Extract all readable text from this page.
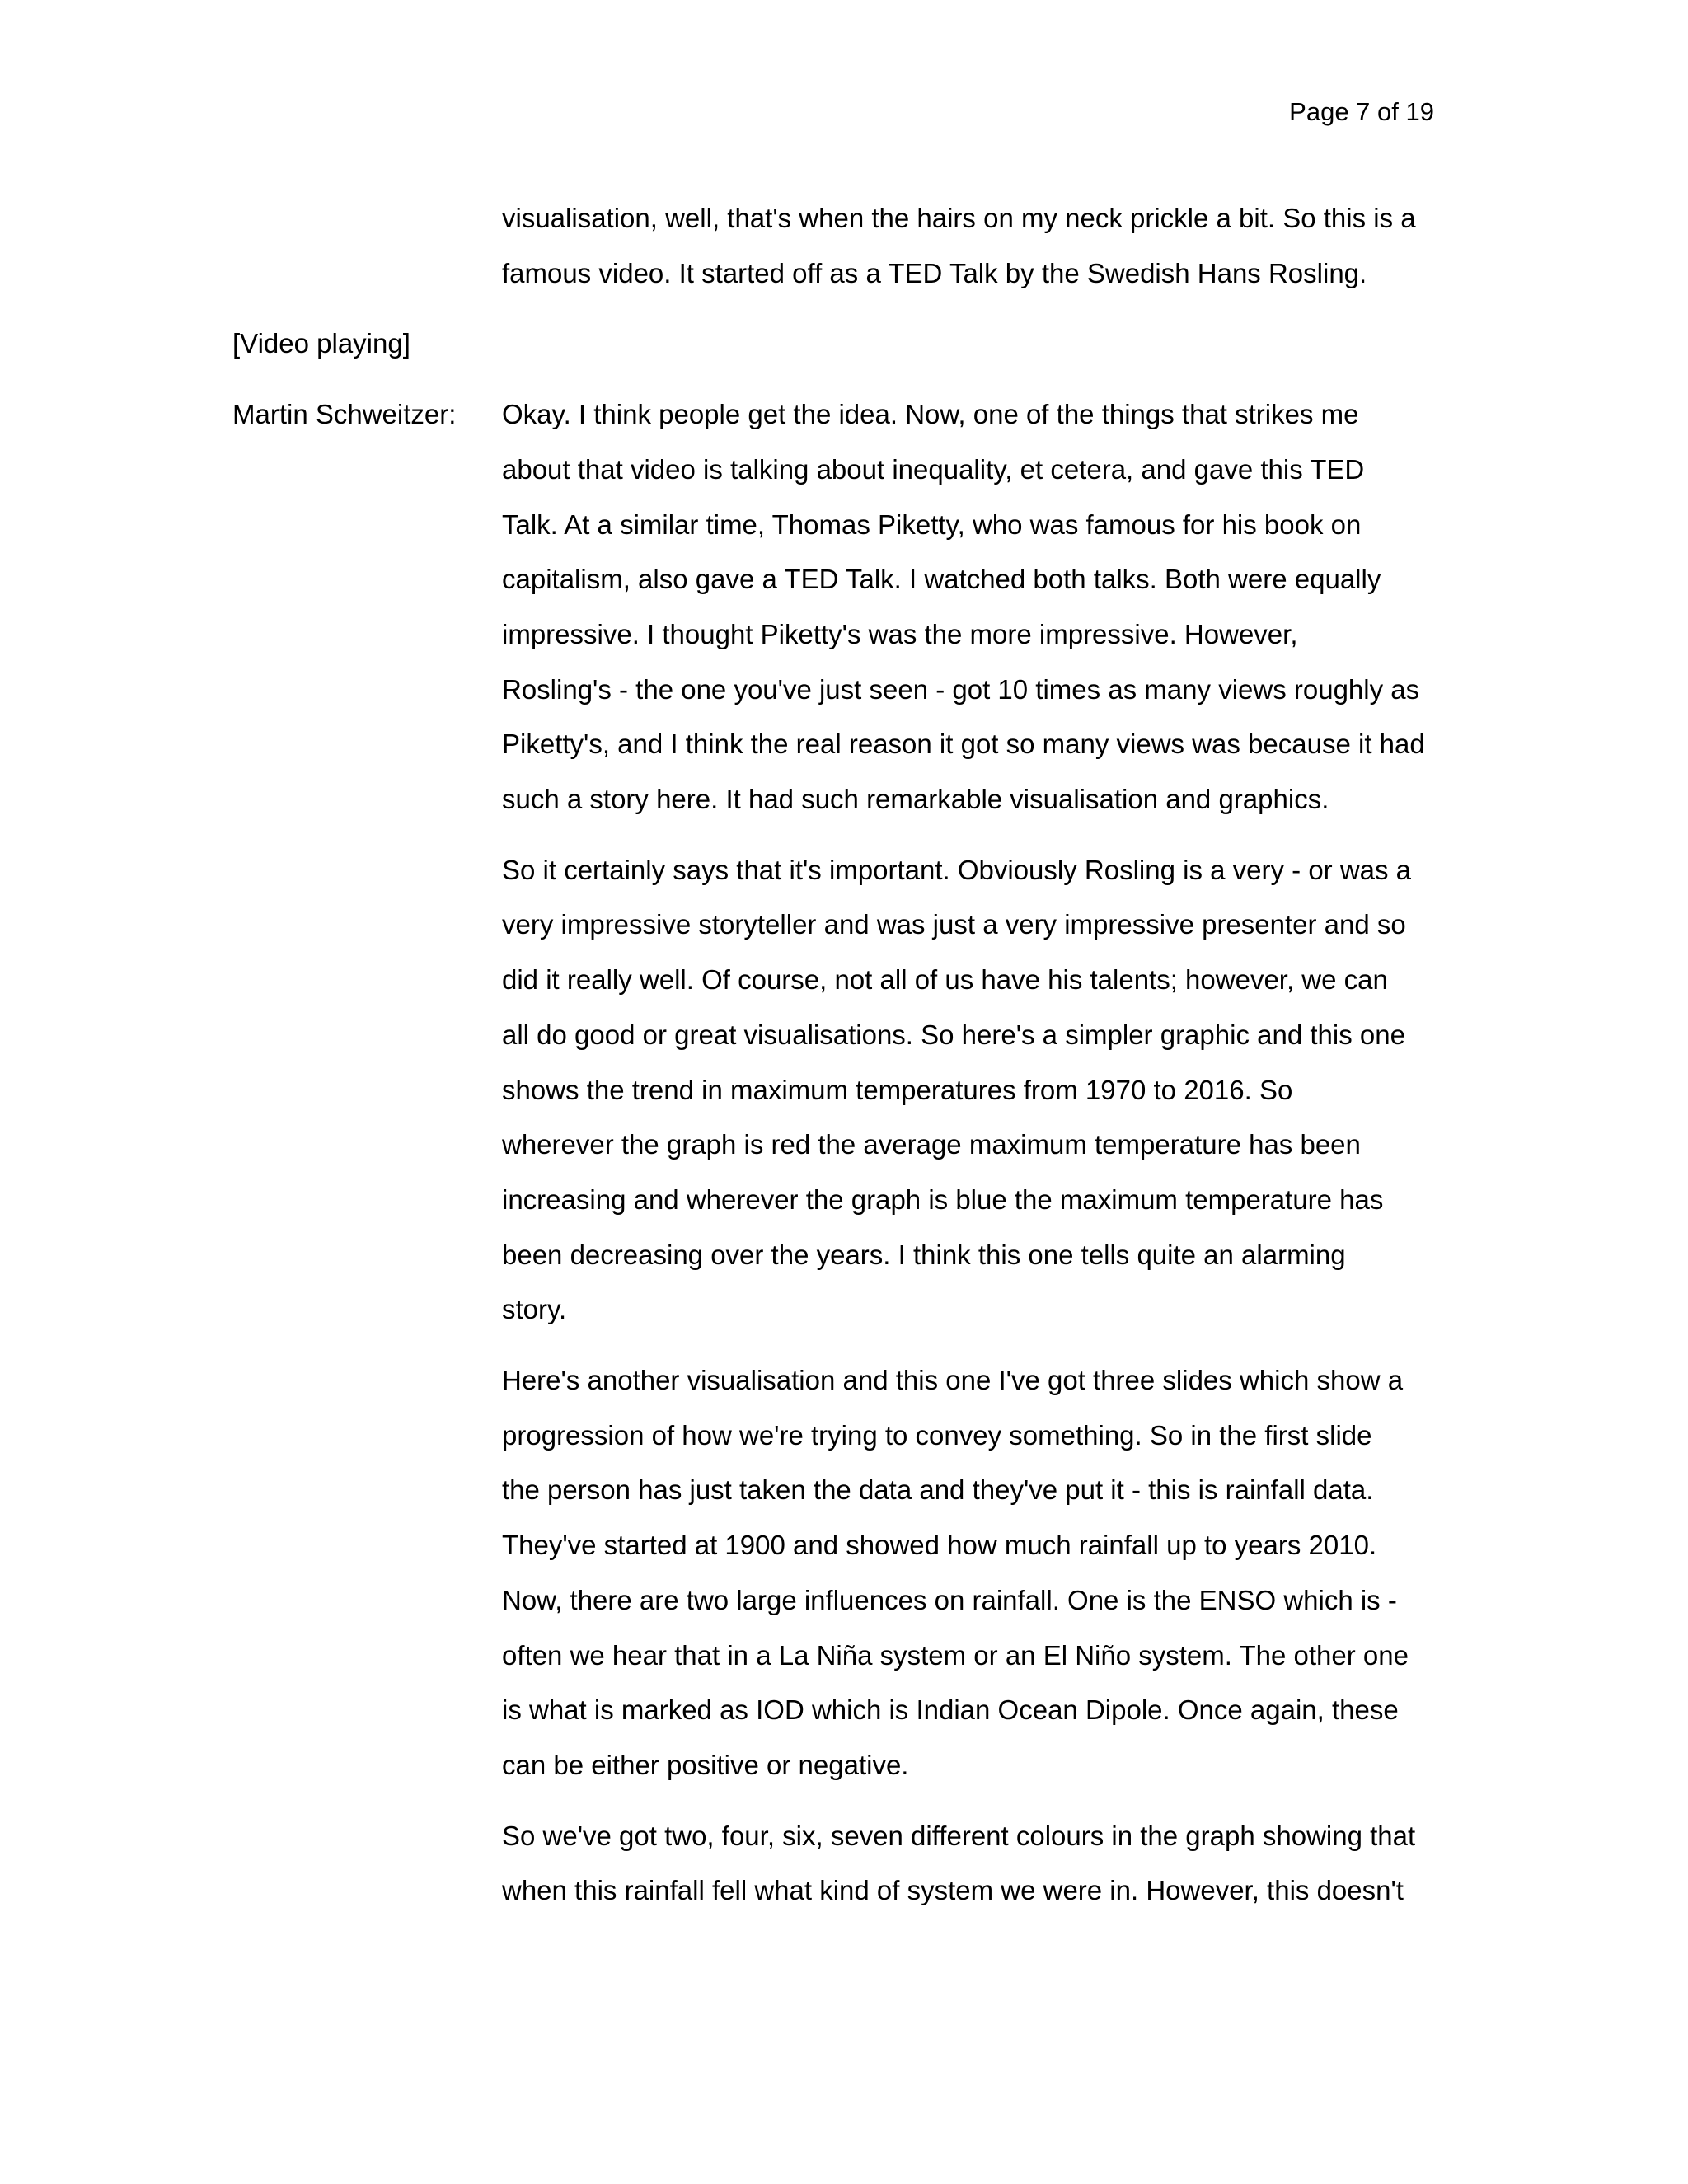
Page 7 of 19

visualisation, well, that's when the hairs on my neck prickle a bit. So this is a
famous video. It started off as a TED Talk by the Swedish Hans Rosling.

[Video playing]
Martin Schweitzer:	Okay. I think people get the idea. Now, one of the things that strikes me
about that video is talking about inequality, et cetera, and gave this TED
Talk. At a similar time, Thomas Piketty, who was famous for his book on
capitalism, also gave a TED Talk. I watched both talks. Both were equally
impressive. I thought Piketty's was the more impressive. However,
Rosling's - the one you've just seen - got 10 times as many views roughly as
Piketty's, and I think the real reason it got so many views was because it had
such a story here. It had such remarkable visualisation and graphics.

So it certainly says that it's important. Obviously Rosling is a very - or was a
very impressive storyteller and was just a very impressive presenter and so
did it really well. Of course, not all of us have his talents; however, we can
all do good or great visualisations. So here's a simpler graphic and this one
shows the trend in maximum temperatures from 1970 to 2016. So
wherever the graph is red the average maximum temperature has been
increasing and wherever the graph is blue the maximum temperature has
been decreasing over the years. I think this one tells quite an alarming
story.

Here's another visualisation and this one I've got three slides which show a
progression of how we're trying to convey something. So in the first slide
the person has just taken the data and they've put it - this is rainfall data.
They've started at 1900 and showed how much rainfall up to years 2010.
Now, there are two large influences on rainfall. One is the ENSO which is -
often we hear that in a La Niña system or an El Niño system. The other one
is what is marked as IOD which is Indian Ocean Dipole. Once again, these
can be either positive or negative.

So we've got two, four, six, seven different colours in the graph showing that
when this rainfall fell what kind of system we were in. However, this doesn't
